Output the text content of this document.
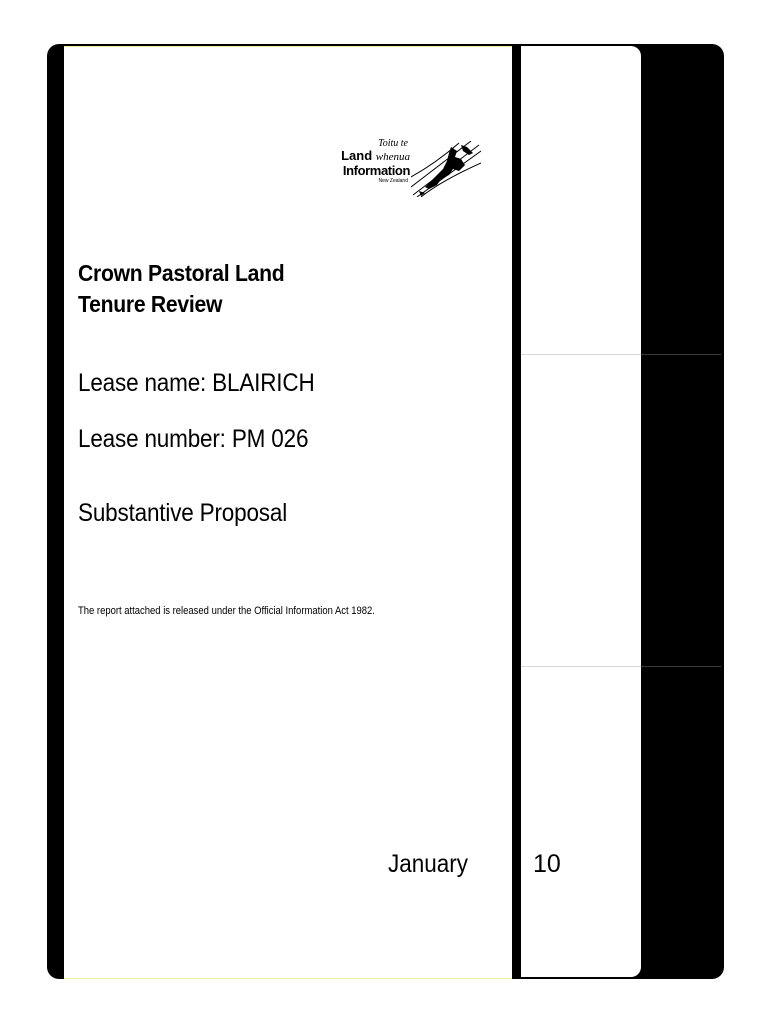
Toitu te
Land whenua
Information
New Zealand
Crown Pastoral Land
Tenure Review
Lease name: BLAIRICH
Lease number: PM 026
Substantive Proposal
The report attached is released under the Official Information Act 1982.
January	10
